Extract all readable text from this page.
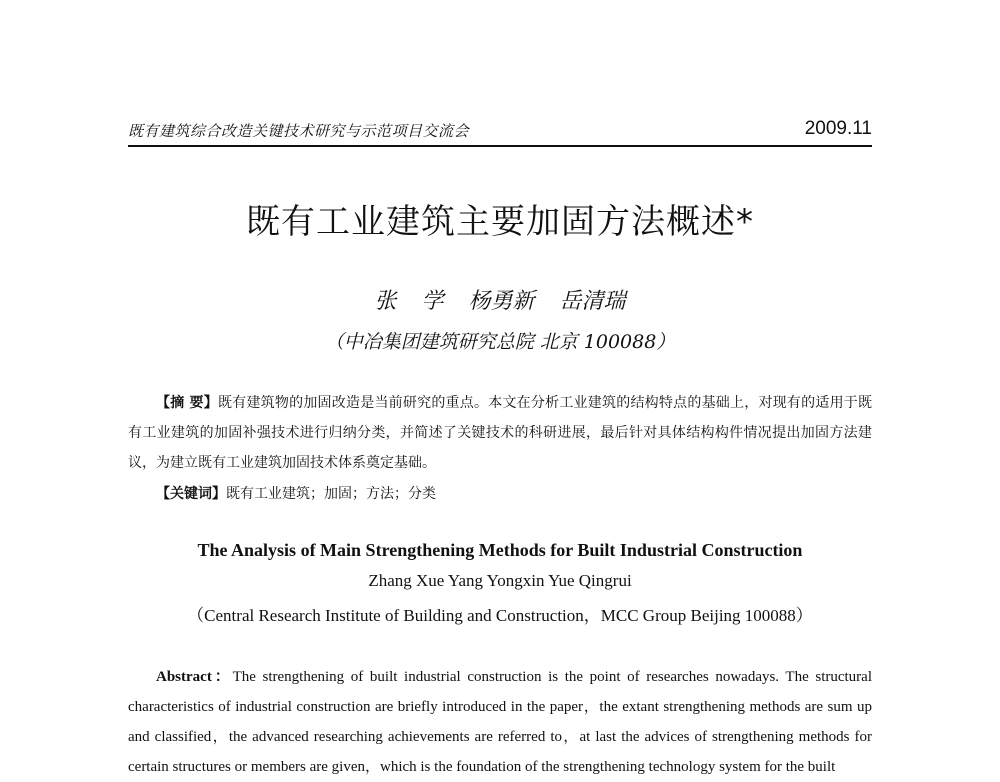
既有建筑综合改造关键技术研究与示范项目交流会	2009.11
既有工业建筑主要加固方法概述*
张 学 杨勇新 岳清瑞
（中冶集团建筑研究总院 北京 100088）
【摘 要】既有建筑物的加固改造是当前研究的重点。本文在分析工业建筑的结构特点的基础上，对现有的适用于既有工业建筑的加固补强技术进行归纳分类，并简述了关键技术的科研进展，最后针对具体结构构件情况提出加固方法建议，为建立既有工业建筑加固技术体系奠定基础。
【关键词】既有工业建筑；加固；方法；分类
The Analysis of Main Strengthening Methods for Built Industrial Construction
Zhang Xue Yang Yongxin Yue Qingrui
（Central Research Institute of Building and Construction，MCC Group Beijing 100088）
Abstract：The strengthening of built industrial construction is the point of researches nowadays. The structural characteristics of industrial construction are briefly introduced in the paper，the extant strengthening methods are sum up and classified，the advanced researching achievements are referred to，at last the advices of strengthening methods for certain structures or members are given，which is the foundation of the strengthening technology system for the built
